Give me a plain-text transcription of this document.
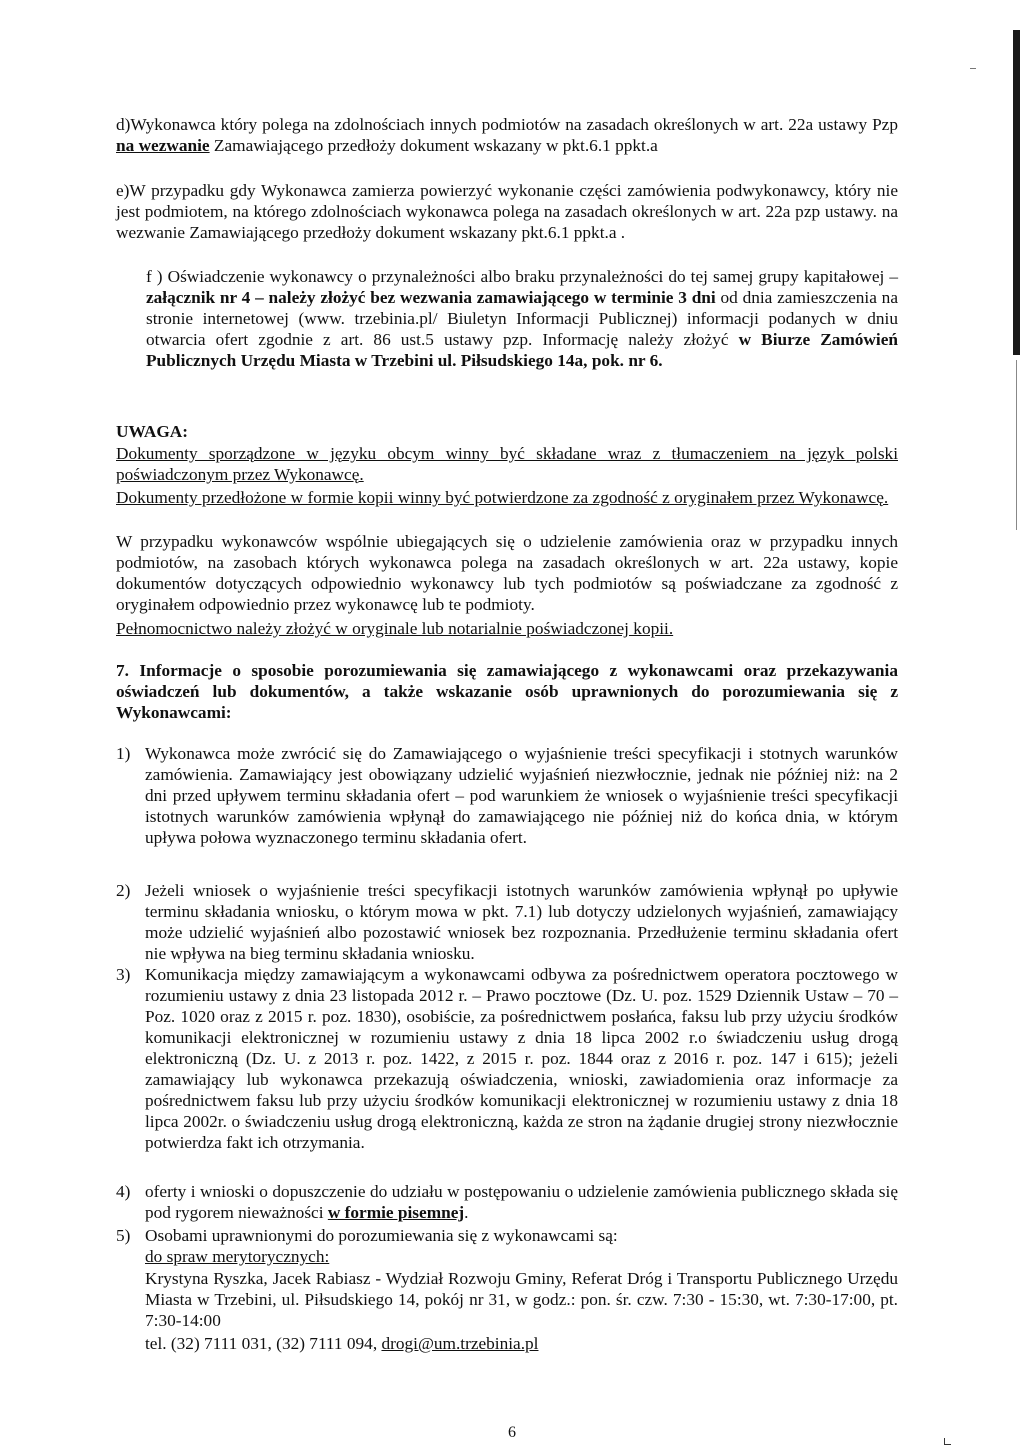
d)Wykonawca który polega na zdolnościach innych podmiotów na zasadach określonych w art. 22a ustawy Pzp na wezwanie Zamawiającego przedłoży dokument wskazany w pkt.6.1 ppkt.a

e)W przypadku gdy Wykonawca zamierza powierzyć wykonanie części zamówienia podwykonawcy, który nie jest podmiotem, na którego zdolnościach wykonawca polega na zasadach określonych w art. 22a pzp ustawy. na wezwanie Zamawiającego przedłoży dokument wskazany pkt.6.1 ppkt.a .

f ) Oświadczenie wykonawcy o przynależności albo braku przynależności do tej samej grupy kapitałowej – załącznik nr 4 – należy złożyć bez wezwania zamawiającego w terminie 3 dni od dnia zamieszczenia na stronie internetowej (www. trzebinia.pl/ Biuletyn Informacji Publicznej) informacji podanych w dniu otwarcia ofert zgodnie z art. 86 ust.5 ustawy pzp. Informację należy złożyć w Biurze Zamówień Publicznych Urzędu Miasta w Trzebini ul. Piłsudskiego 14a, pok. nr 6.

UWAGA:

Dokumenty sporządzone w języku obcym winny być składane wraz z tłumaczeniem na język polski poświadczonym przez Wykonawcę.

Dokumenty przedłożone w formie kopii winny być potwierdzone za zgodność z oryginałem przez Wykonawcę.

W przypadku wykonawców wspólnie ubiegających się o udzielenie zamówienia oraz w przypadku innych podmiotów, na zasobach których wykonawca polega na zasadach określonych w art. 22a ustawy, kopie dokumentów dotyczących odpowiednio wykonawcy lub tych podmiotów są poświadczane za zgodność z oryginałem odpowiednio przez wykonawcę lub te podmioty.

Pełnomocnictwo należy złożyć w oryginale lub notarialnie poświadczonej kopii.

7. Informacje o sposobie porozumiewania się zamawiającego z wykonawcami oraz przekazywania oświadczeń lub dokumentów, a także wskazanie osób uprawnionych do porozumiewania się z Wykonawcami:

1) Wykonawca może zwrócić się do Zamawiającego o wyjaśnienie treści specyfikacji i stotnych warunków zamówienia. Zamawiający jest obowiązany udzielić wyjaśnień niezwłocznie, jednak nie później niż: na 2 dni przed upływem terminu składania ofert – pod warunkiem że wniosek o wyjaśnienie treści specyfikacji istotnych warunków zamówienia wpłynął do zamawiającego nie później niż do końca dnia, w którym upływa połowa wyznaczonego terminu składania ofert.

2) Jeżeli wniosek o wyjaśnienie treści specyfikacji istotnych warunków zamówienia wpłynął po upływie terminu składania wniosku, o którym mowa w pkt. 7.1) lub dotyczy udzielonych wyjaśnień, zamawiający może udzielić wyjaśnień albo pozostawić wniosek bez rozpoznania. Przedłużenie terminu składania ofert nie wpływa na bieg terminu składania wniosku.

3) Komunikacja między zamawiającym a wykonawcami odbywa za pośrednictwem operatora pocztowego w rozumieniu ustawy z dnia 23 listopada 2012 r. – Prawo pocztowe (Dz. U. poz. 1529 Dziennik Ustaw – 70 – Poz. 1020 oraz z 2015 r. poz. 1830), osobiście, za pośrednictwem posłańca, faksu lub przy użyciu środków komunikacji elektronicznej w rozumieniu ustawy z dnia 18 lipca 2002 r.o świadczeniu usług drogą elektroniczną (Dz. U. z 2013 r. poz. 1422, z 2015 r. poz. 1844 oraz z 2016 r. poz. 147 i 615); jeżeli zamawiający lub wykonawca przekazują oświadczenia, wnioski, zawiadomienia oraz informacje za pośrednictwem faksu lub przy użyciu środków komunikacji elektronicznej w rozumieniu ustawy z dnia 18 lipca 2002r. o świadczeniu usług drogą elektroniczną, każda ze stron na żądanie drugiej strony niezwłocznie potwierdza fakt ich otrzymania.

4) oferty i wnioski o dopuszczenie do udziału w postępowaniu o udzielenie zamówienia publicznego składa się pod rygorem nieważności w formie pisemnej.

5) Osobami uprawnionymi do porozumiewania się z wykonawcami są:

do spraw merytorycznych:

Krystyna Ryszka, Jacek Rabiasz - Wydział Rozwoju Gminy, Referat Dróg i Transportu Publicznego Urzędu Miasta w Trzebini, ul. Piłsudskiego 14, pokój nr 31, w godz.: pon. śr. czw. 7:30 - 15:30, wt. 7:30-17:00, pt. 7:30-14:00

tel. (32) 7111 031, (32) 7111 094, drogi@um.trzebinia.pl

6
